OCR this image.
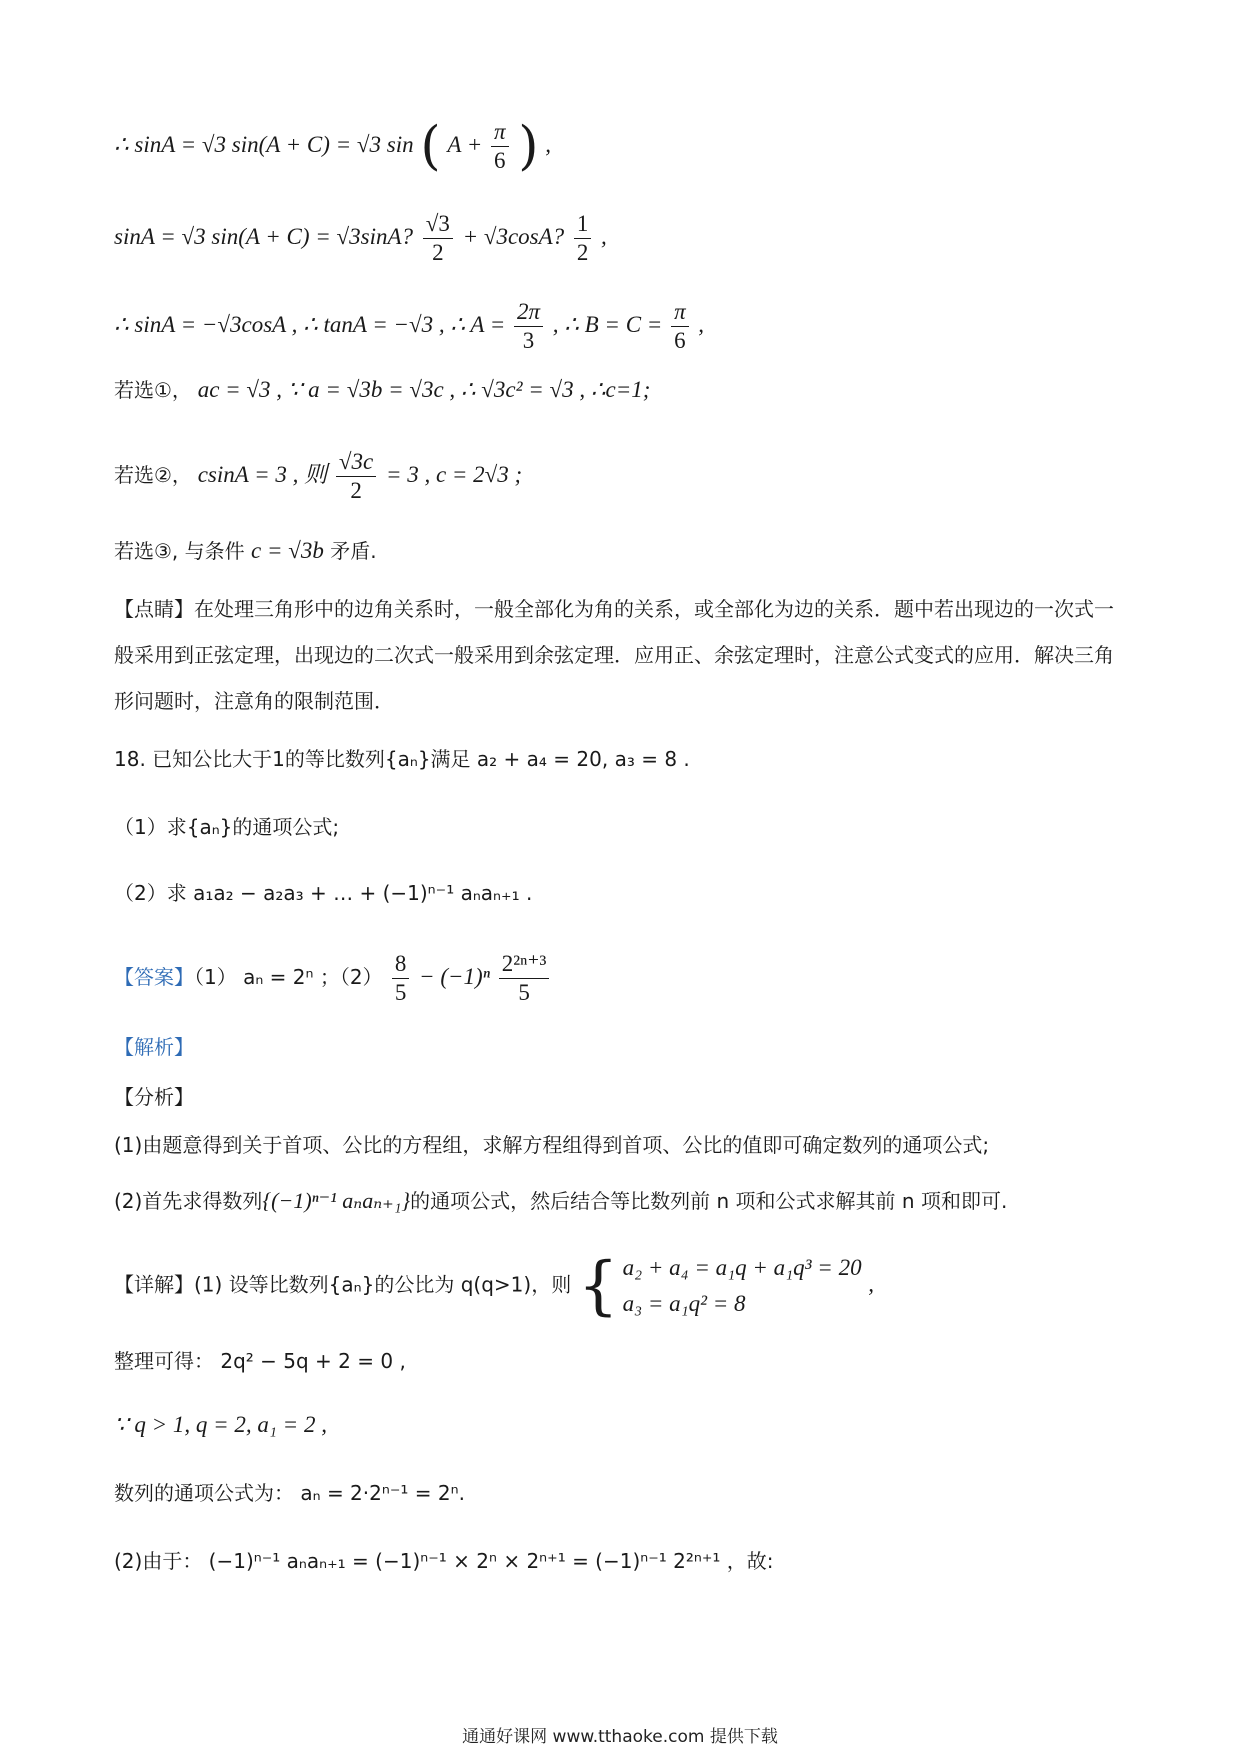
∴ sinA = √3 sin(A + C) = √3 sin ( $A + \frac{\pi}{6}$ ) ,
sinA = √3 sin(A + C) = √3sinA? $\frac{√3}{2} + √3\cos A$? $\frac{1}{2}$ ,
∴ sinA = −√3cosA , ∴ tanA = −√3 , ∴ $A = \frac{2\pi}{3}$ , ∴ $B = C = \frac{\pi}{6}$ ,
若选①， ac = √3 , ∵ a = √3b = √3c , ∴ √3c² = √3 , ∴c=1;
若选②， csinA = 3 , 则 $\frac{√3c}{2} = 3$ , c = 2√3 ;
若选③, 与条件 c = √3b 矛盾.
【点睛】在处理三角形中的边角关系时，一般全部化为角的关系，或全部化为边的关系．题中若出现边的一次式一般采用到正弦定理，出现边的二次式一般采用到余弦定理．应用正、余弦定理时，注意公式变式的应用．解决三角形问题时，注意角的限制范围．
18. 已知公比大于1的等比数列{aₙ}满足 a₂ + a₄ = 20, a₃ = 8 .
（1）求{aₙ}的通项公式;
（2）求 a₁a₂ − a₂a₃ + … + (−1)ⁿ⁻¹ aₙaₙ₊₁ .
【答案】（1） aₙ = 2ⁿ ；$(2) \frac{8}{5} - (-1)^n \frac{\text{2²ⁿ⁺³}}{5}$
【解析】
【分析】
(1)由题意得到关于首项、公比的方程组，求解方程组得到首项、公比的值即可确定数列的通项公式;
(2)首先求得数列{(−1)ⁿ⁻¹ aₙaₙ₊₁}的通项公式，然后结合等比数列前 n 项和公式求解其前 n 项和即可.
【详解】(1) 设等比数列{aₙ}的公比为 q(q>1)，则 { a₂ + a₄ = a₁q + a₁q³ = 20
a₃ = a₁q² = 8
,
整理可得： 2q² − 5q + 2 = 0 ,
∵ q > 1, q = 2, a₁ = 2 ,
数列的通项公式为： aₙ = 2·2ⁿ⁻¹ = 2ⁿ.
(2)由于： (−1)ⁿ⁻¹ aₙaₙ₊₁ = (−1)ⁿ⁻¹ × 2ⁿ × 2ⁿ⁺¹ = (−1)ⁿ⁻¹ 2²ⁿ⁺¹ ，故:
通通好课网 www.tthaoke.com 提供下载
